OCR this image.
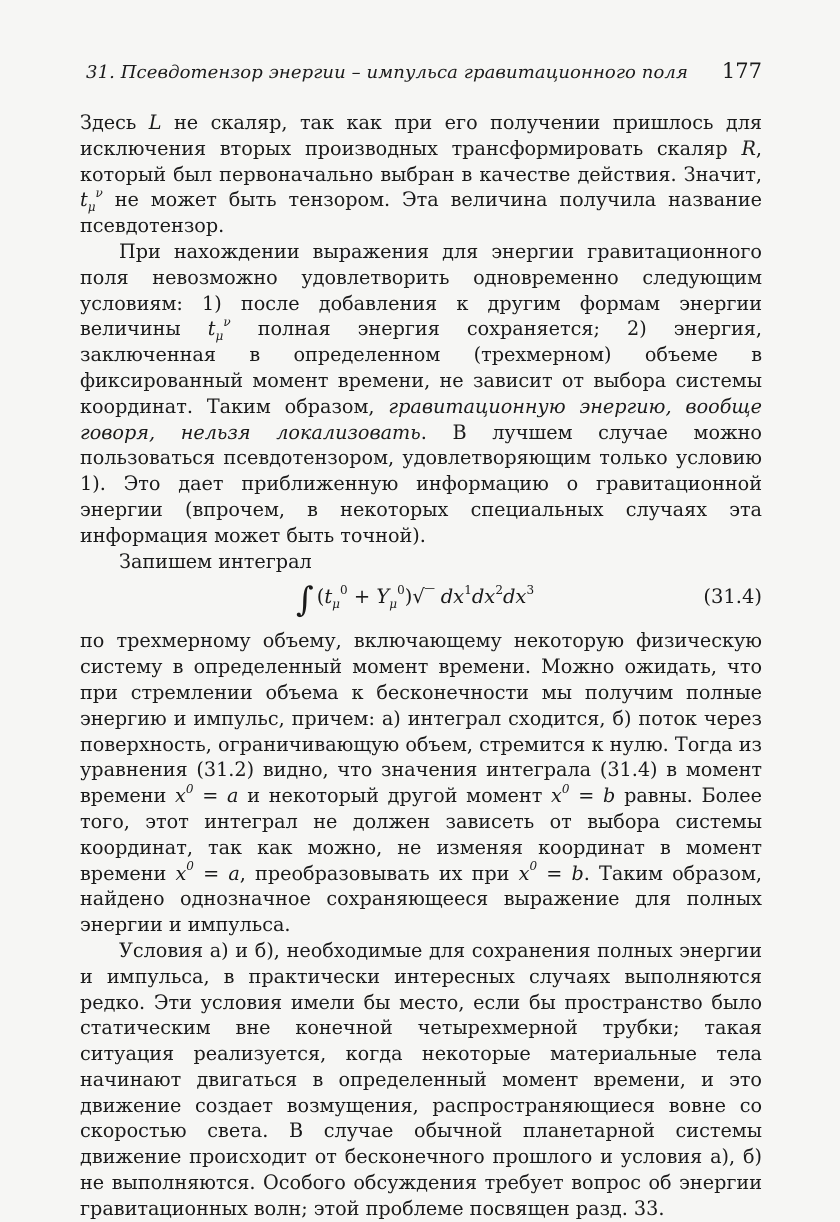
31. Псевдотензор энергии – импульса гравитационного поля 177

Здесь L не скаляр, так как при его получении пришлось для исключения вторых производных трансформировать скаляр R, который был первоначально выбран в качестве действия. Значит, $t_\mu^\nu$ не может быть тензором. Эта величина получила название псевдотензор.

При нахождении выражения для энергии гравитационного поля невозможно удовлетворить одновременно следующим условиям: 1) после добавления к другим формам энергии величины $t_\mu^\nu$ полная энергия сохраняется; 2) энергия, заключенная в определенном (трехмерном) объеме в фиксированный момент времени, не зависит от выбора системы координат. Таким образом, гравитационную энергию, вообще говоря, нельзя локализовать. В лучшем случае можно пользоваться псевдотензором, удовлетворяющим только условию 1). Это дает приближенную информацию о гравитационной энергии (впрочем, в некоторых специальных случаях эта информация может быть точной).

Запишем интеграл

∫ ($t_\mu^0$ + $Y_\mu^0)√‾$ $dx^1dx^2dx^3$	(31.4)

по трехмерному объему, включающему некоторую физическую систему в определенный момент времени. Можно ожидать, что при стремлении объема к бесконечности мы получим полные энергию и импульс, причем: а) интеграл сходится, б) поток через поверхность, ограничивающую объем, стремится к нулю. Тогда из уравнения (31.2) видно, что значения интеграла (31.4) в момент времени $x^0 = a$ и некоторый другой момент $x^0 = b$ равны. Более того, этот интеграл не должен зависеть от выбора системы координат, так как можно, не изменяя координат в момент времени $x^0 = a$, преобразовывать их при $x^0 = b$. Таким образом, найдено однозначное сохраняющееся выражение для полных энергии и импульса.

Условия а) и б), необходимые для сохранения полных энергии и импульса, в практически интересных случаях выполняются редко. Эти условия имели бы место, если бы пространство было статическим вне конечной четырехмерной трубки; такая ситуация реализуется, когда некоторые материальные тела начинают двигаться в определенный момент времени, и это движение создает возмущения, распространяющиеся вовне со скоростью света. В случае обычной планетарной системы движение происходит от бесконечного прошлого и условия а), б) не выполняются. Особого обсуждения требует вопрос об энергии гравитационных волн; этой проблеме посвящен разд. 33.
